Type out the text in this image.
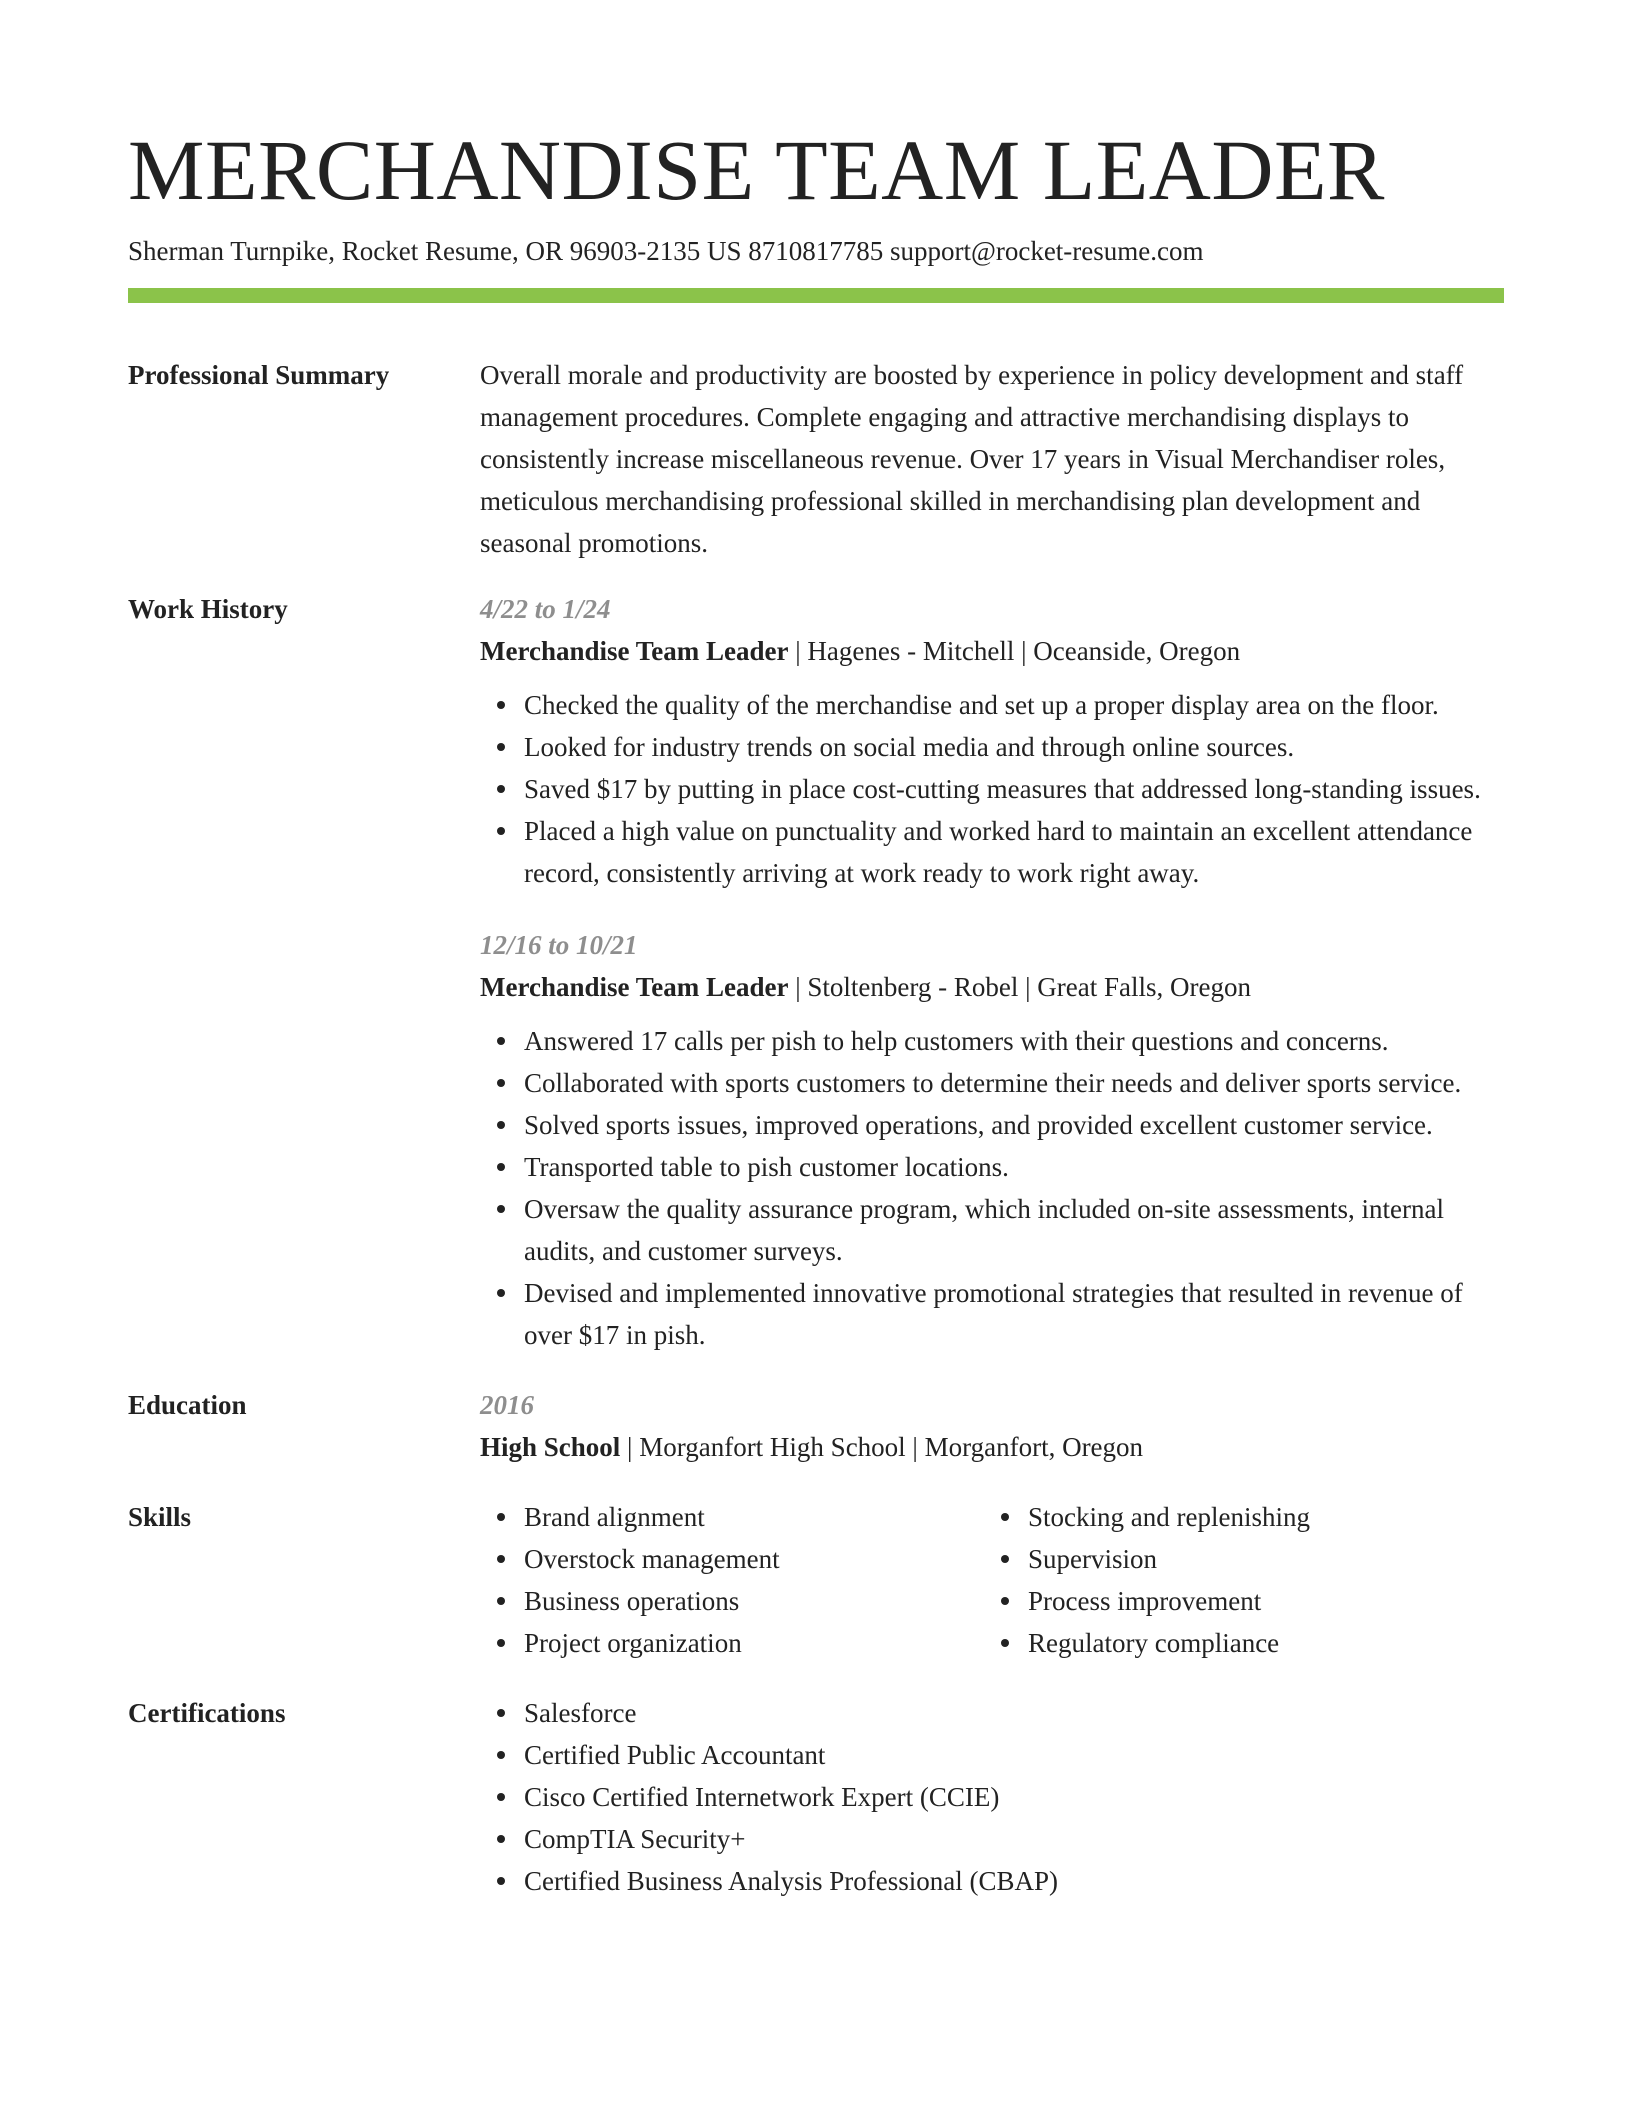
MERCHANDISE TEAM LEADER
Sherman Turnpike, Rocket Resume, OR 96903-2135 US 8710817785 support@rocket-resume.com
Professional Summary	Overall morale and productivity are boosted by experience in policy development and staff management procedures. Complete engaging and attractive merchandising displays to consistently increase miscellaneous revenue. Over 17 years in Visual Merchandiser roles, meticulous merchandising professional skilled in merchandising plan development and seasonal promotions.
Work History	4/22 to 1/24
Merchandise Team Leader | Hagenes - Mitchell | Oceanside, Oregon
Checked the quality of the merchandise and set up a proper display area on the floor.
Looked for industry trends on social media and through online sources.
Saved $17 by putting in place cost-cutting measures that addressed long-standing issues.
Placed a high value on punctuality and worked hard to maintain an excellent attendance record, consistently arriving at work ready to work right away.
12/16 to 10/21
Merchandise Team Leader | Stoltenberg - Robel | Great Falls, Oregon
Answered 17 calls per pish to help customers with their questions and concerns.
Collaborated with sports customers to determine their needs and deliver sports service.
Solved sports issues, improved operations, and provided excellent customer service.
Transported table to pish customer locations.
Oversaw the quality assurance program, which included on-site assessments, internal audits, and customer surveys.
Devised and implemented innovative promotional strategies that resulted in revenue of over $17 in pish.
Education	2016
High School | Morganfort High School | Morganfort, Oregon
Skills	Brand alignment
Overstock management
Business operations
Project organization
Stocking and replenishing
Supervision
Process improvement
Regulatory compliance
Certifications	Salesforce
Certified Public Accountant
Cisco Certified Internetwork Expert (CCIE)
CompTIA Security+
Certified Business Analysis Professional (CBAP)
